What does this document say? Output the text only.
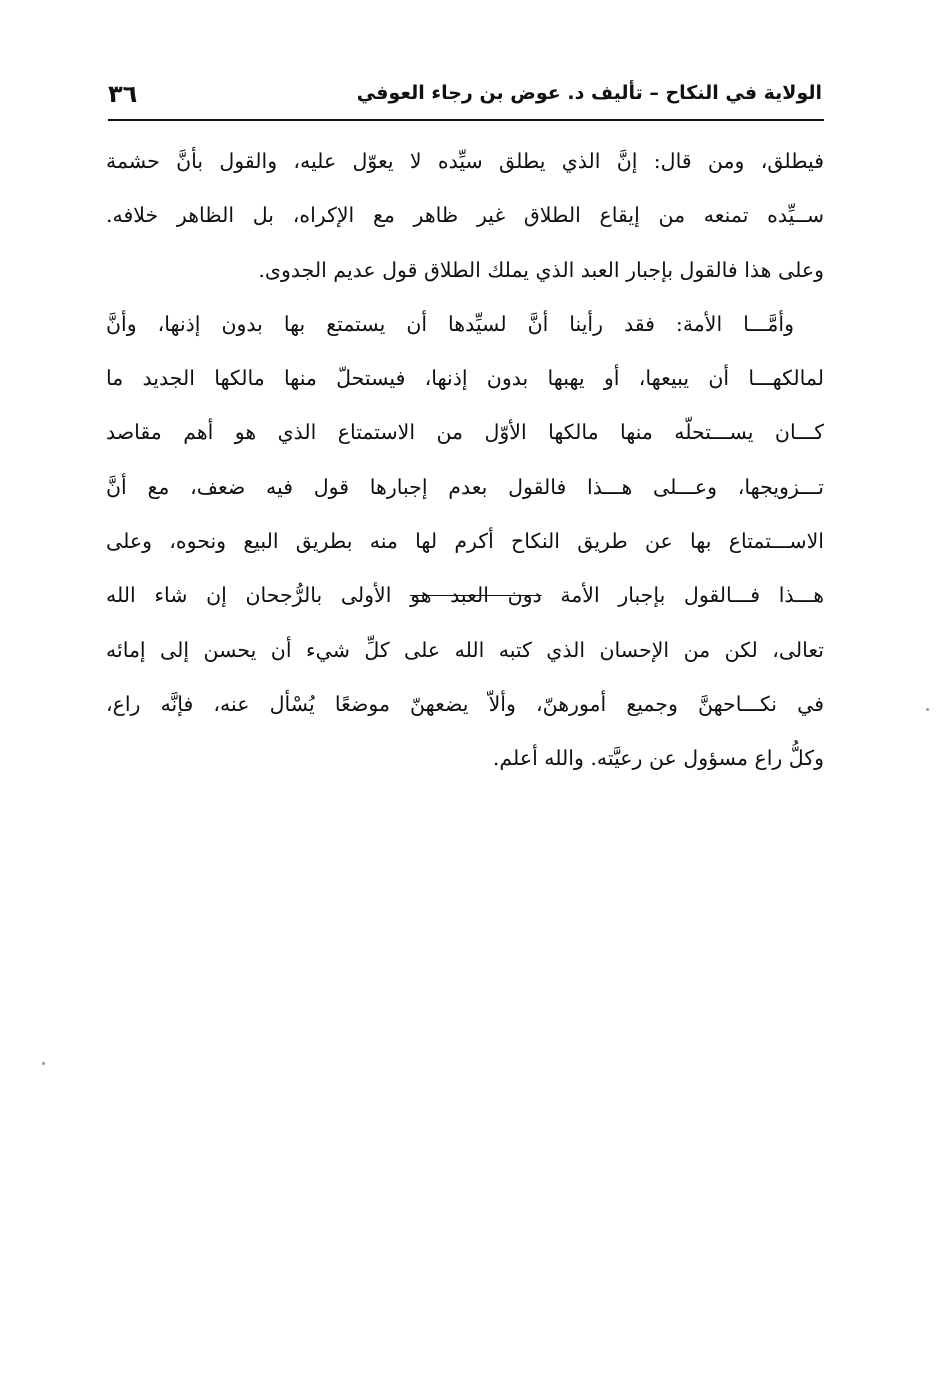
الولاية في النكاح – تأليف د. عوض بن رجاء العوفي
٣٦
فيطلق، ومن قال: إنَّ الذي يطلق سيِّده لا يعوّل عليه، والقول بأنَّ حشمة
ســيِّده تمنعه من إيقاع الطلاق غير ظاهر مع الإكراه، بل الظاهر خلافه.
وعلى هذا فالقول بإجبار العبد الذي يملك الطلاق قول عديم الجدوى.
وأمَّـــا الأمة: فقد رأينا أنَّ لسيِّدها أن يستمتع بها بدون إذنها، وأنَّ
لمالكهـــا أن يبيعها، أو يهبها بدون إذنها، فيستحلّ منها مالكها الجديد ما
كـــان يســـتحلّه منها مالكها الأوّل من الاستمتاع الذي هو أهم مقاصد
تـــزويجها، وعـــلى هـــذا فالقول بعدم إجبارها قول فيه ضعف، مع أنَّ
الاســـتمتاع بها عن طريق النكاح أكرم لها منه بطريق البيع ونحوه، وعلى
هـــذا فـــالقول بإجبار الأمة دون العبد هو الأولى بالرُّجحان إن شاء الله
تعالى، لكن من الإحسان الذي كتبه الله على كلِّ شيء أن يحسن إلى إمائه
في نكـــاحهنَّ وجميع أمورهنّ، وألاّ يضعهنّ موضعًا يُسْأل عنه، فإنَّه راع،
وكلُّ راع مسؤول عن رعيَّته. والله أعلم.
